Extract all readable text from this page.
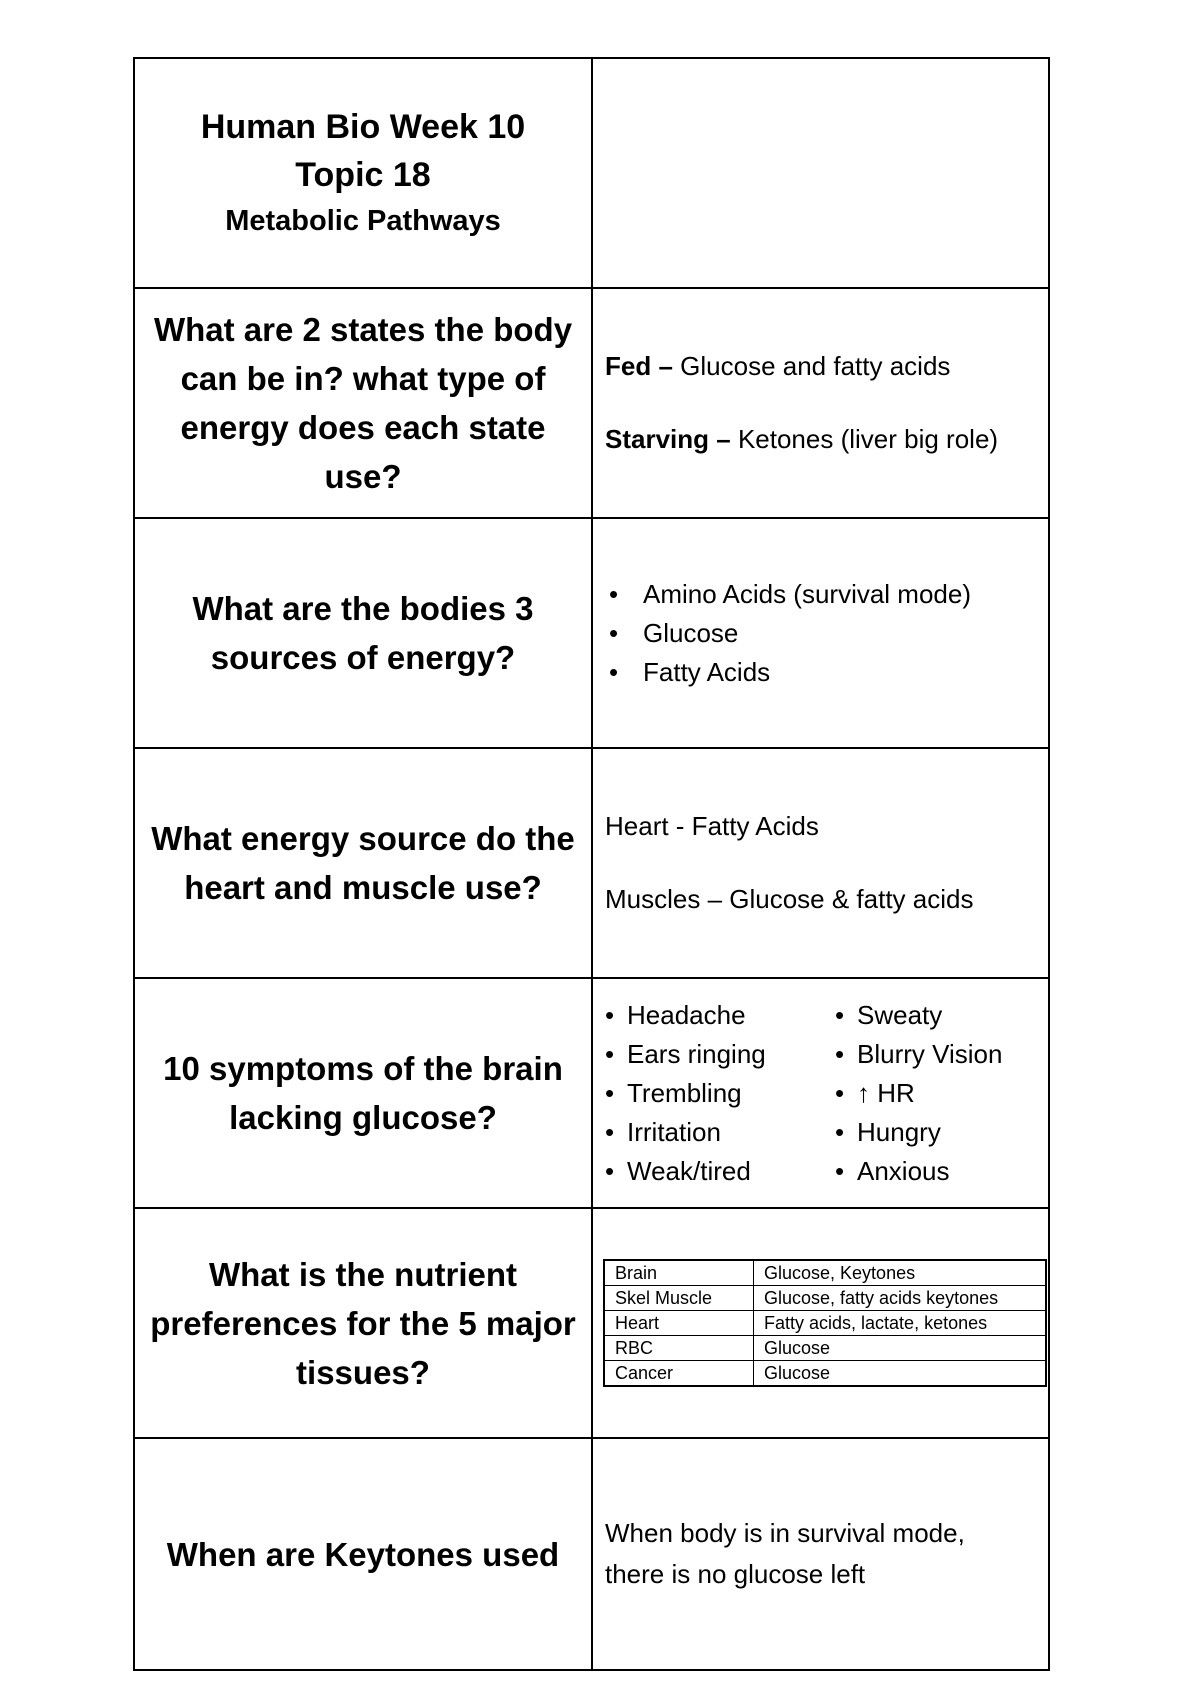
Human Bio Week 10
Topic 18
Metabolic Pathways
What are 2 states the body can be in? what type of energy does each state use?
Fed – Glucose and fatty acids
Starving – Ketones (liver big role)
What are the bodies 3 sources of energy?
• Amino Acids (survival mode)
• Glucose
• Fatty Acids
What energy source do the heart and muscle use?
Heart - Fatty Acids
Muscles – Glucose & fatty acids
10 symptoms of the brain lacking glucose?
• Headache	• Sweaty
• Ears ringing	• Blurry Vision
• Trembling	• ↑ HR
• Irritation	• Hungry
• Weak/tired	• Anxious
What is the nutrient preferences for the 5 major tissues?
Brain	Glucose, Keytones
Skel Muscle	Glucose, fatty acids keytones
Heart	Fatty acids, lactate, ketones
RBC	Glucose
Cancer	Glucose
When are Keytones used
When body is in survival mode,
there is no glucose left
